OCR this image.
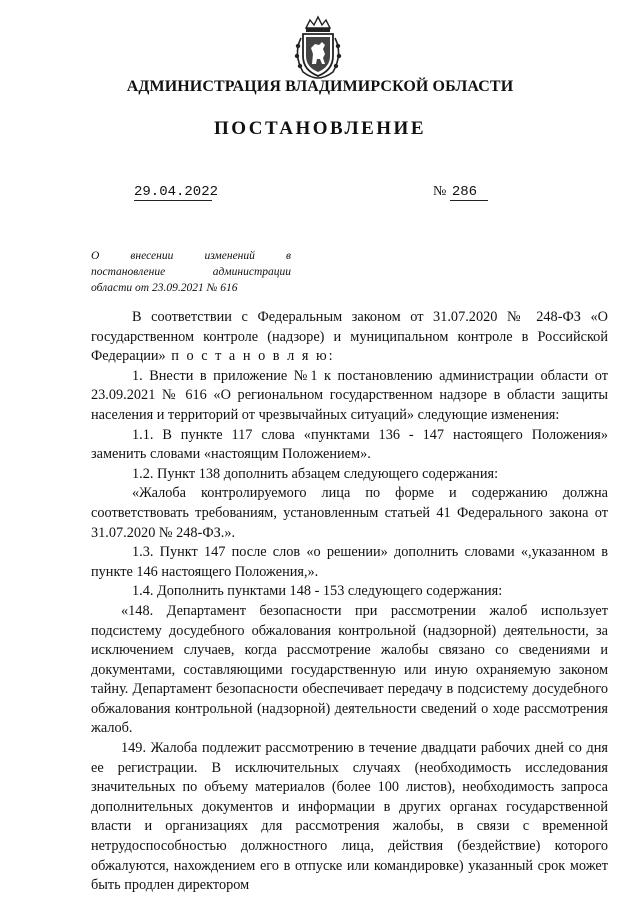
АДМИНИСТРАЦИЯ ВЛАДИМИРСКОЙ ОБЛАСТИ
ПОСТАНОВЛЕНИЕ
29.04.2022	№ 286
О внесении изменений в
постановление администрации
области от 23.09.2021 № 616

В соответствии с Федеральным законом от 31.07.2020 № 248-ФЗ «О государственном контроле (надзоре) и муниципальном контроле в Российской Федерации» п о с т а н о в л я ю:

1. Внести в приложение №1 к постановлению администрации области от 23.09.2021 № 616 «О региональном государственном надзоре в области защиты населения и территорий от чрезвычайных ситуаций» следующие изменения:

1.1. В пункте 117 слова «пунктами 136 - 147 настоящего Положения» заменить словами «настоящим Положением».

1.2. Пункт 138 дополнить абзацем следующего содержания:

«Жалоба контролируемого лица по форме и содержанию должна соответствовать требованиям, установленным статьей 41 Федерального закона от 31.07.2020 № 248-ФЗ.».

1.3. Пункт 147 после слов «о решении» дополнить словами «,указанном в пункте 146 настоящего Положения,».

1.4. Дополнить пунктами 148 - 153 следующего содержания:

«148. Департамент безопасности при рассмотрении жалоб использует подсистему досудебного обжалования контрольной (надзорной) деятельности, за исключением случаев, когда рассмотрение жалобы связано со сведениями и документами, составляющими государственную или иную охраняемую законом тайну. Департамент безопасности обеспечивает передачу в подсистему досудебного обжалования контрольной (надзорной) деятельности сведений о ходе рассмотрения жалоб.

149. Жалоба подлежит рассмотрению в течение двадцати рабочих дней со дня ее регистрации. В исключительных случаях (необходимость исследования значительных по объему материалов (более 100 листов), необходимость запроса дополнительных документов и информации в других органах государственной власти и организациях для рассмотрения жалобы, в связи с временной нетрудоспособностью должностного лица, действия (бездействие) которого обжалуются, нахождением его в отпуске или командировке) указанный срок может быть продлен директором
